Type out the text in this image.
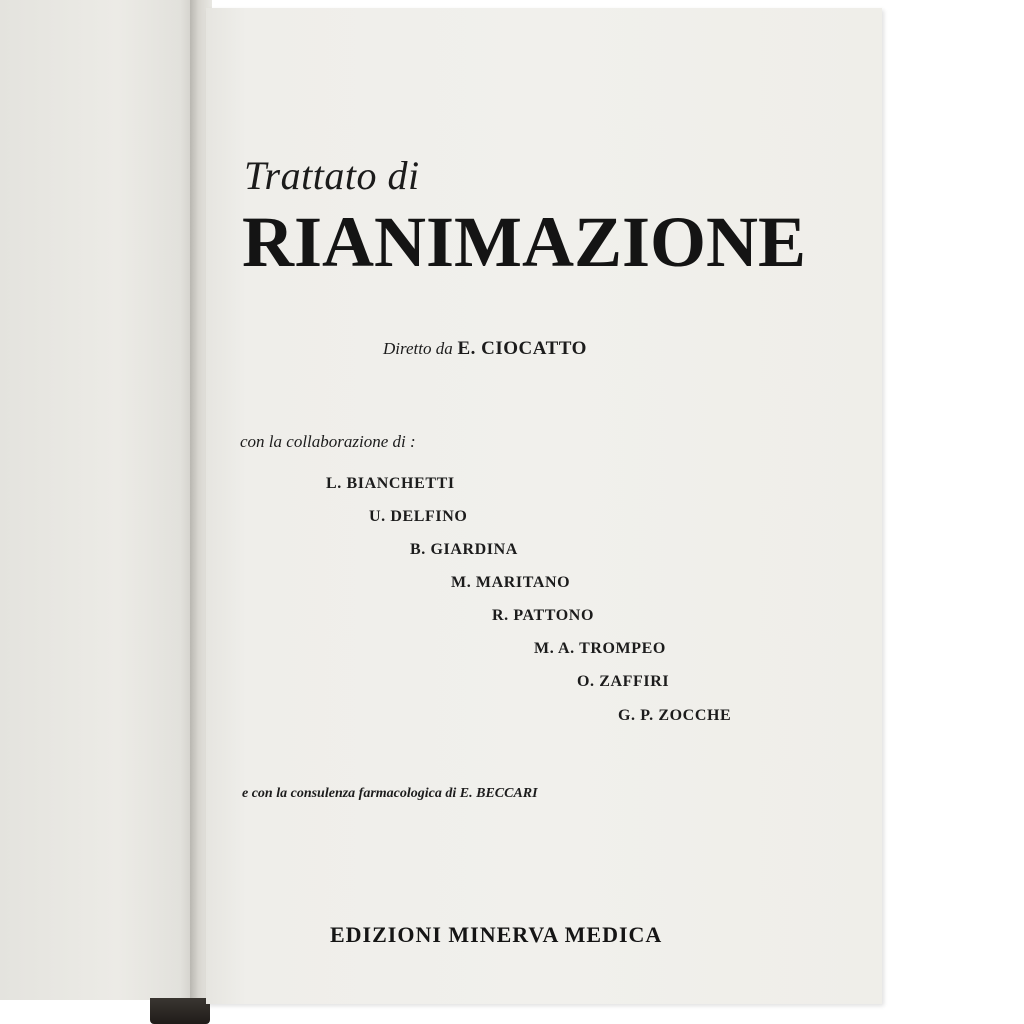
Trattato di
RIANIMAZIONE
Diretto da E. CIOCATTO
con la collaborazione di :
L. BIANCHETTI
U. DELFINO
B. GIARDINA
M. MARITANO
R. PATTONO
M. A. TROMPEO
O. ZAFFIRI
G. P. ZOCCHE
e con la consulenza farmacologica di E. BECCARI
EDIZIONI MINERVA MEDICA
